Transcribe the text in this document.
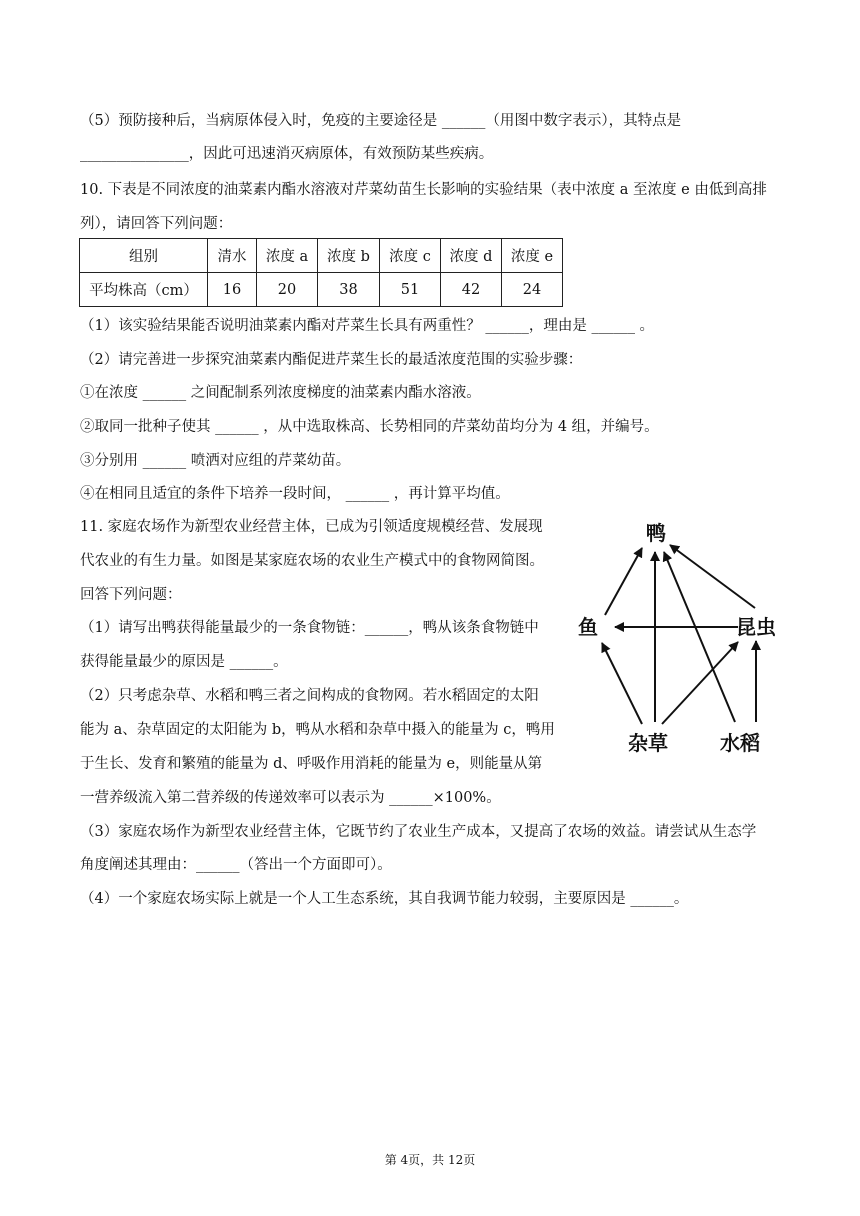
（5）预防接种后，当病原体侵入时，免疫的主要途径是 ______（用图中数字表示），其特点是
_______________，因此可迅速消灭病原体，有效预防某些疾病。
10. 下表是不同浓度的油菜素内酯水溶液对芹菜幼苗生长影响的实验结果（表中浓度 a 至浓度 e 由低到高排
列），请回答下列问题：
组别	清水	浓度 a	浓度 b	浓度 c	浓度 d	浓度 e
平均株高（cm）	16	20	38	51	42	24
（1）该实验结果能否说明油菜素内酯对芹菜生长具有两重性？ ______，理由是 ______ 。
（2）请完善进一步探究油菜素内酯促进芹菜生长的最适浓度范围的实验步骤：
①在浓度 ______ 之间配制系列浓度梯度的油菜素内酯水溶液。
②取同一批种子使其 ______ ，从中选取株高、长势相同的芹菜幼苗均分为 4 组，并编号。
③分别用 ______ 喷洒对应组的芹菜幼苗。
④在相同且适宜的条件下培养一段时间， ______ ，再计算平均值。
11. 家庭农场作为新型农业经营主体，已成为引领适度规模经营、发展现
代农业的有生力量。如图是某家庭农场的农业生产模式中的食物网简图。
回答下列问题：
（1）请写出鸭获得能量最少的一条食物链：______，鸭从该条食物链中
获得能量最少的原因是 ______。
（2）只考虑杂草、水稻和鸭三者之间构成的食物网。若水稻固定的太阳
能为 a、杂草固定的太阳能为 b，鸭从水稻和杂草中摄入的能量为 c，鸭用
于生长、发育和繁殖的能量为 d、呼吸作用消耗的能量为 e，则能量从第
一营养级流入第二营养级的传递效率可以表示为 ______×100%。
（3）家庭农场作为新型农业经营主体，它既节约了农业生产成本，又提高了农场的效益。请尝试从生态学
角度阐述其理由：______（答出一个方面即可）。
（4）一个家庭农场实际上就是一个人工生态系统，其自我调节能力较弱，主要原因是 ______。
鸭
鱼	昆虫
杂草	水稻
第 4页，共 12页
